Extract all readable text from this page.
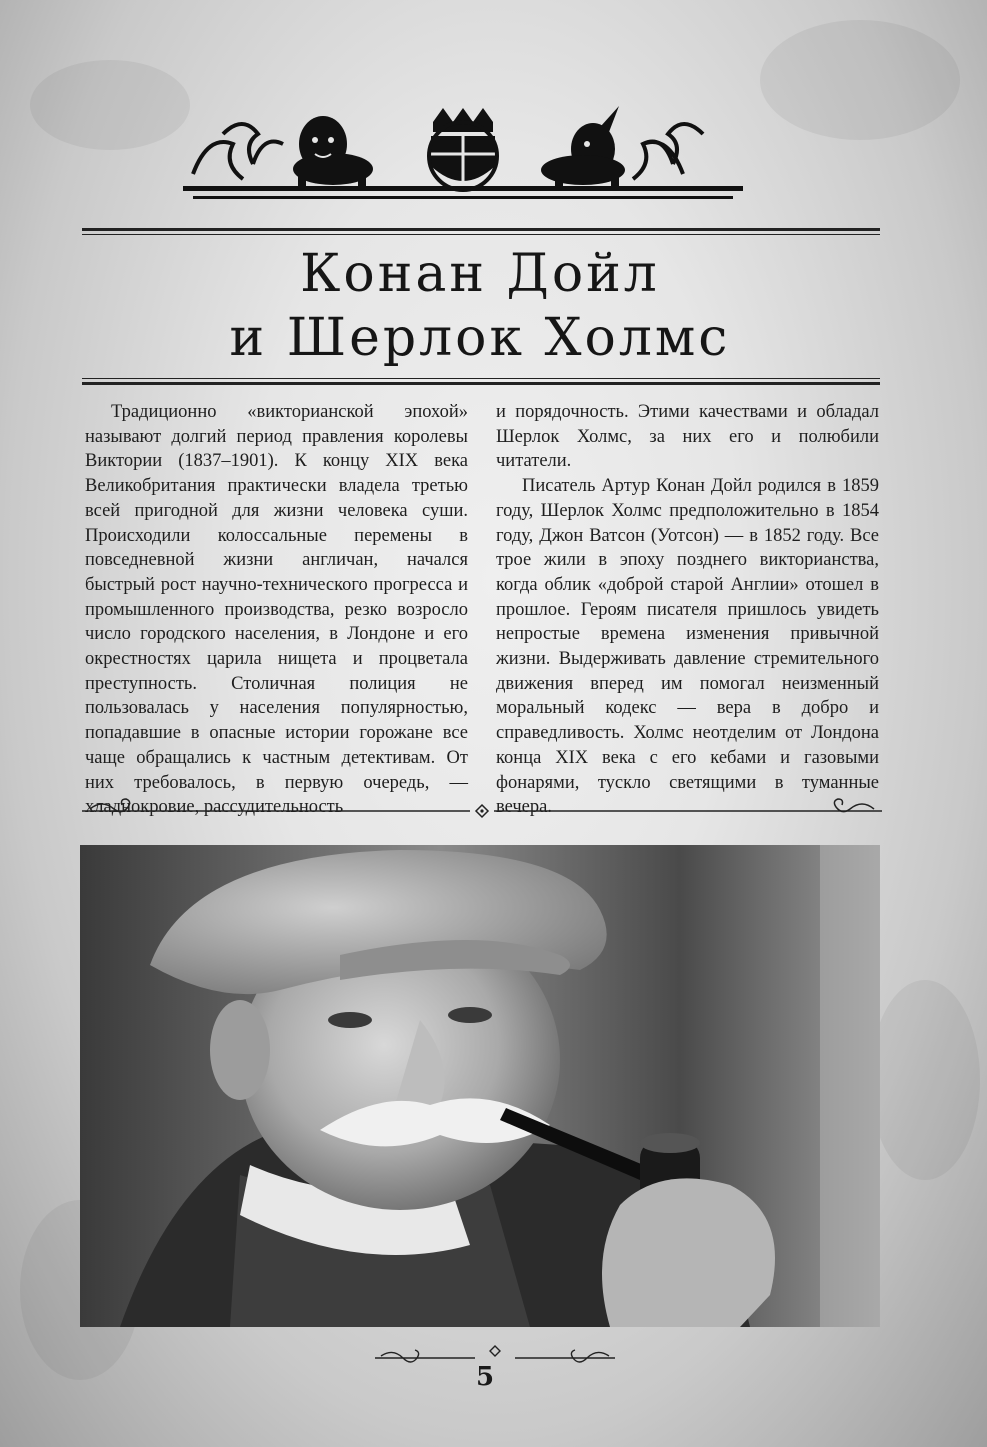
Конан Дойл
и Шерлок Холмс

Традиционно «викторианской эпохой» называют долгий период правления королевы Виктории (1837–1901). К концу XIX века Великобритания практически владела третью всей пригодной для жизни человека суши. Происходили колоссальные перемены в повседневной жизни англичан, начался быстрый рост научно-технического прогресса и промышленного производства, резко возросло число городского населения, в Лондоне и его окрестностях царила нищета и процветала преступность. Столичная полиция не пользовалась у населения популярностью, попадавшие в опасные истории горожане все чаще обращались к частным детективам. От них требовалось, в первую очередь, — хладнокровие, рассудительность

и порядочность. Этими качествами и обладал Шерлок Холмс, за них его и полюбили читатели.

Писатель Артур Конан Дойл родился в 1859 году, Шерлок Холмс предположительно в 1854 году, Джон Ватсон (Уотсон) — в 1852 году. Все трое жили в эпоху позднего викторианства, когда облик «доброй старой Англии» отошел в прошлое. Героям писателя пришлось увидеть непростые времена изменения привычной жизни. Выдерживать давление стремительного движения вперед им помогал неизменный моральный кодекс — вера в добро и справедливость. Холмс неотделим от Лондона конца XIX века с его кебами и газовыми фонарями, тускло светящими в туманные вечера.

5
